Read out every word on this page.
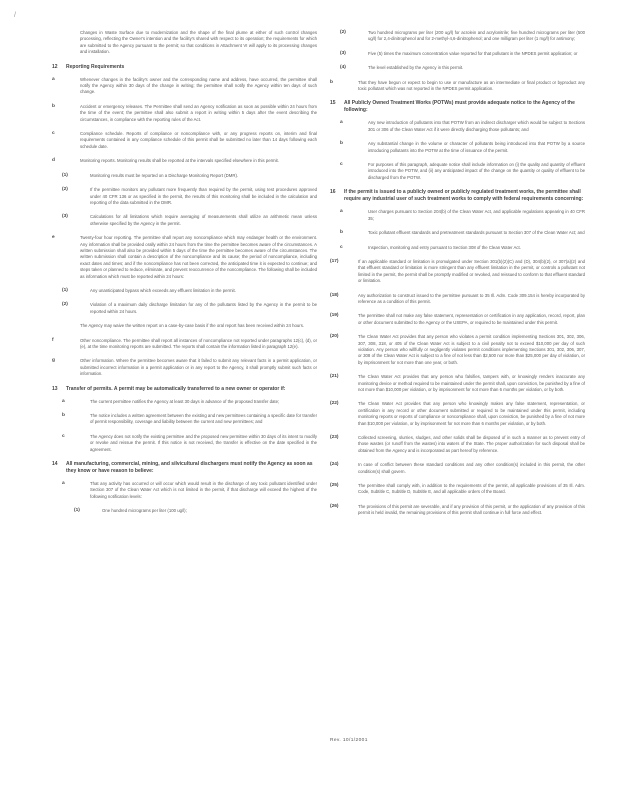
/
Changes in Waste Surface due to modernization and the shape of the final plume at either of such control changes processing, reflecting the Owner's intention and the facility's shared with respect to its operation; the requirements for which are submitted to the Agency pursuant to the permit; so that conditions in Attachment VI will apply to its processing changes and installation.
12 Reporting Requirements
a	Whenever changes in the facility's owner and the corresponding name and address, have occurred, the permittee shall notify the Agency within 30 days of the change in writing; the permittee shall notify the Agency within ten days of such change.
b	Accident or emergency releases. The Permittee shall send an Agency notification as soon as possible within 24 hours from the time of the event; the permittee shall also submit a report in writing within 5 days after the event describing the circumstances, in compliance with the reporting rules of the Act.
c	Compliance schedule. Reports of compliance or noncompliance with, or any progress reports on, interim and final requirements contained in any compliance schedule of this permit shall be submitted no later than 14 days following each schedule date.
d	Monitoring reports. Monitoring results shall be reported at the intervals specified elsewhere in this permit.
(1)	Monitoring results must be reported on a Discharge Monitoring Report (DMR).
(2)	If the permittee monitors any pollutant more frequently than required by the permit, using test procedures approved under 40 CFR 136 or as specified in the permit, the results of this monitoring shall be included in the calculation and reporting of the data submitted in the DMR.
(3)	Calculations for all limitations which require averaging of measurements shall utilize an arithmetic mean unless otherwise specified by the Agency in the permit.
e	Twenty-four hour reporting. The permittee shall report any noncompliance which may endanger health or the environment. Any information shall be provided orally within 24 hours from the time the permittee becomes aware of the circumstances. A written submission shall also be provided within 5 days of the time the permittee becomes aware of the circumstances. The written submission shall contain a description of the noncompliance and its cause; the period of noncompliance, including exact dates and times; and if the noncompliance has not been corrected, the anticipated time it is expected to continue; and steps taken or planned to reduce, eliminate, and prevent reoccurrence of the noncompliance. The following shall be included as information which must be reported within 24 hours:
(1)	Any unanticipated bypass which exceeds any effluent limitation in the permit.
(2)	Violation of a maximum daily discharge limitation for any of the pollutants listed by the Agency in the permit to be reported within 24 hours.
The Agency may waive the written report on a case-by-case basis if the oral report has been received within 24 hours.
f	Other noncompliance. The permittee shall report all instances of noncompliance not reported under paragraphs 12(c), (d), or (e), at the time monitoring reports are submitted. The reports shall contain the information listed in paragraph 12(e).
g	Other information. Where the permittee becomes aware that it failed to submit any relevant facts in a permit application, or submitted incorrect information in a permit application or in any report to the Agency, it shall promptly submit such facts or information.
13 Transfer of permits. A permit may be automatically transferred to a new owner or operator if:
a	The current permittee notifies the Agency at least 30 days in advance of the proposed transfer date;
b	The notice includes a written agreement between the existing and new permittees containing a specific date for transfer of permit responsibility, coverage and liability between the current and new permittees; and
c	The Agency does not notify the existing permittee and the proposed new permittee within 30 days of its intent to modify or revoke and reissue the permit. If this notice is not received, the transfer is effective on the date specified in the agreement.
14 All manufacturing, commercial, mining, and silvicultural dischargers must notify the Agency as soon as they know or have reason to believe:
a	That any activity has occurred or will occur which would result in the discharge of any toxic pollutant identified under Section 307 of the Clean Water Act which is not limited in the permit, if that discharge will exceed the highest of the following notification levels:
(1)	One hundred micrograms per liter (100 ug/l);
(2)	Two hundred micrograms per liter (200 ug/l) for acrolein and acrylonitrile; five hundred micrograms per liter (500 ug/l) for 2,4-dinitrophenol and for 2-methyl-4,6-dinitrophenol; and one milligram per liter (1 mg/l) for antimony;
(3)	Five (5) times the maximum concentration value reported for that pollutant in the NPDES permit application; or
(4)	The level established by the Agency in this permit.
b	That they have begun or expect to begin to use or manufacture as an intermediate or final product or byproduct any toxic pollutant which was not reported in the NPDES permit application.
15 All Publicly Owned Treatment Works (POTWs) must provide adequate notice to the Agency of the following:
a	Any new introduction of pollutants into that POTW from an indirect discharger which would be subject to Sections 301 or 306 of the Clean Water Act if it were directly discharging those pollutants; and
b	Any substantial change in the volume or character of pollutants being introduced into that POTW by a source introducing pollutants into the POTW at the time of issuance of the permit.
c	For purposes of this paragraph, adequate notice shall include information on (i) the quality and quantity of effluent introduced into the POTW, and (ii) any anticipated impact of the change on the quantity or quality of effluent to be discharged from the POTW.
16 If the permit is issued to a publicly owned or publicly regulated treatment works, the permittee shall require any industrial user of such treatment works to comply with federal requirements concerning:
a	User charges pursuant to Section 204(b) of the Clean Water Act, and applicable regulations appearing in 40 CFR 35;
b	Toxic pollutant effluent standards and pretreatment standards pursuant to Section 307 of the Clean Water Act; and
c	Inspection, monitoring and entry pursuant to Section 308 of the Clean Water Act.
(17)	If an applicable standard or limitation is promulgated under Section 301(b)(2)(C) and (D), 304(b)(2), or 307(a)(2) and that effluent standard or limitation is more stringent than any effluent limitation in the permit, or controls a pollutant not limited in the permit, the permit shall be promptly modified or revoked, and reissued to conform to that effluent standard or limitation.
(18)	Any authorization to construct issued to the permittee pursuant to 35 Ill. Adm. Code 309.154 is hereby incorporated by reference as a condition of this permit.
(19)	The permittee shall not make any false statement, representation or certification in any application, record, report, plan or other document submitted to the Agency or the USEPA, or required to be maintained under this permit.
(20)	The Clean Water Act provides that any person who violates a permit condition implementing Sections 301, 302, 306, 307, 308, 318, or 405 of the Clean Water Act is subject to a civil penalty not to exceed $10,000 per day of such violation. Any person who willfully or negligently violates permit conditions implementing Sections 301, 302, 306, 307, or 308 of the Clean Water Act is subject to a fine of not less than $2,500 nor more than $25,000 per day of violation, or by imprisonment for not more than one year, or both.
(21)	The Clean Water Act provides that any person who falsifies, tampers with, or knowingly renders inaccurate any monitoring device or method required to be maintained under the permit shall, upon conviction, be punished by a fine of not more than $10,000 per violation, or by imprisonment for not more than 6 months per violation, or by both.
(22)	The Clean Water Act provides that any person who knowingly makes any false statement, representation, or certification in any record or other document submitted or required to be maintained under this permit, including monitoring reports or reports of compliance or noncompliance shall, upon conviction, be punished by a fine of not more than $10,000 per violation, or by imprisonment for not more than 6 months per violation, or by both.
(23)	Collected screening, slurries, sludges, and other solids shall be disposed of in such a manner as to prevent entry of those wastes (or runoff from the wastes) into waters of the State. The proper authorization for such disposal shall be obtained from the Agency and is incorporated as part hereof by reference.
(24)	In case of conflict between these standard conditions and any other condition(s) included in this permit, the other condition(s) shall govern.
(25)	The permittee shall comply with, in addition to the requirements of the permit, all applicable provisions of 35 Ill. Adm. Code, Subtitle C, Subtitle D, Subtitle E, and all applicable orders of the Board.
(26)	The provisions of this permit are severable, and if any provision of this permit, or the application of any provision of this permit is held invalid, the remaining provisions of this permit shall continue in full force and effect.
Rev. 10/1/2001
